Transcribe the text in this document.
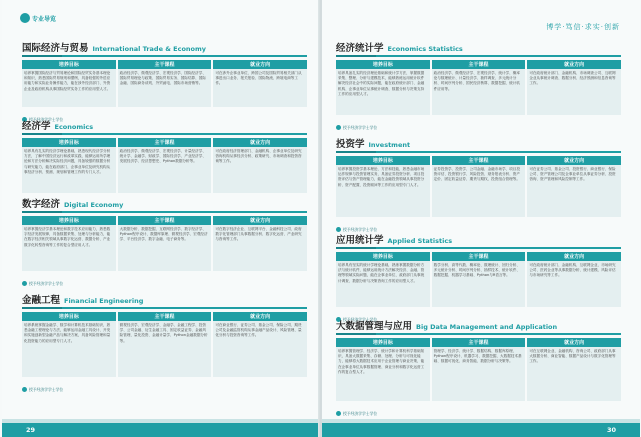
专业导览
国际经济与贸易 International Trade & Economy
培养目标
培养掌握国际经济与贸易理论和国际经贸实务基本理论和知识，熟悉国际贸易规则和惯例，具备较强的外语应用能力和实际业务操作能力，能在涉外经济部门、外资企业及政府机构从事国际经贸实务工作的应用型人才。
主干课程
政治经济学、微观经济学、宏观经济学、国际经济学、国际贸易理论与政策、国际贸易实务、国际结算、国际金融、国际商务谈判、外贸函电、国际市场营销等。
就业方向
可在涉外企事业单位、跨国公司及国际贸易相关部门从事进出口业务、报关报检、国际物流、跨境电商等工作。
授予经济学学士学位
经济学 Economics
培养目标
培养具有扎实的经济学理论基础，熟悉现代经济学分析方法，了解中国经济运行和改革实践，能够运用所学理论和方法分析解决实际经济问题，具备较强的数据分析与研究能力，能在政府部门、企事业单位及研究机构从事经济分析、预测、规划和管理工作的专门人才。
主干课程
政治经济学、微观经济学、宏观经济学、计量经济学、统计学、金融学、财政学、国际经济学、产业经济学、发展经济学、经济思想史、Python数据分析等。
就业方向
可在政府经济管理部门、金融机构、企事业单位及研究咨询机构从事经济分析、政策研究、市场调查和投资咨询等工作。
数字经济 Digital Economy
培养目标
培养掌握经济学基本理论和数字技术应用能力，熟悉数字经济发展规律，具备数据采集、处理与分析能力，能在数字经济相关领域从事数字化运营、数据分析、产业数字化转型咨询等工作的复合型应用人才。
主干课程
大数据分析、数据挖掘、互联网经济学、数字经济学、Python程序设计、数据库原理、微观经济学、宏观经济学、平台经济学、数字金融、电子商务等。
就业方向
可在数字经济企业、互联网平台、金融科技公司、政府数字化管理部门从事数据分析、数字化运营、产业研究与咨询等工作。
授予经济学学士学位
金融工程 Financial Engineering
培养目标
培养系统掌握金融学、数学和计算机技术基础知识，熟悉金融工程理论与方法，能够运用金融工具设计、开发和实施创新型金融产品与解决方案，具备风险管理和量化投资能力的应用型专门人才。
主干课程
微观经济学、宏观经济学、金融学、金融工程学、投资学、公司金融、衍生金融工具、固定收益证券、金融风险管理、量化投资、金融计量学、Python金融数据分析等。
就业方向
可在商业银行、证券公司、基金公司、保险公司、期货公司及金融监管机构从事金融产品设计、风险管理、量化分析与投资咨询等工作。
授予经济学学士学位
29
博学·笃信·求实·创新
经济统计学 Economics Statistics
培养目标
培养具备扎实的经济理论基础和统计学方法，掌握数据采集、整理、分析与建模技术，能够熟练运用统计软件解决经济社会中的实际问题，能在政府统计部门、金融机构、企事业单位从事统计调查、数据分析与决策支持工作的应用型人才。
主干课程
政治经济学、微观经济学、宏观经济学、统计学、概率论与数理统计、计量经济学、抽样调查、多元统计分析、时间序列分析、国民经济核算、数据挖掘、统计软件应用等。
就业方向
可在政府统计部门、金融机构、市场调查公司、互联网企业从事统计调查、数据分析、经济预测和信息咨询等工作。
授予经济学学士学位
投资学 Investment
培养目标
培养掌握投资学基本理论、方法和技能，熟悉金融市场运作规律与投资管理实务，具备证券投资分析、项目投资评估与资产管理能力，能在金融投资领域从事投资分析、资产配置、投资顾问等工作的应用型专门人才。
主干课程
证券投资学、投资学、公司金融、金融市场学、项目投资评估、投资银行学、风险投资、财务报表分析、资产定价、固定收益证券、期货与期权、投资组合管理等。
就业方向
可在证券公司、基金公司、投资银行、商业银行、保险公司、资产管理公司及企事业单位从事证券分析、投资咨询、资产管理和风险控制等工作。
授予经济学学士学位
应用统计学 Applied Statistics
培养目标
培养具有坚实的统计学理论基础，熟练掌握数据分析方法与统计软件，能够运用统计方法解决经济、金融、管理等领域实际问题，能在企事业单位、政府部门从事统计调查、数据分析与决策咨询工作的应用型人才。
主干课程
数学分析、高等代数、概率论、数理统计、回归分析、多元统计分析、时间序列分析、抽样技术、统计软件、数据挖掘、机器学习基础、Python与R语言等。
就业方向
可在政府统计部门、金融机构、互联网企业、市场研究公司、医药企业等从事数据分析、统计建模、风险评估与市场研究等工作。
授予经济学学士学位
大数据管理与应用 Big Data Management and Application
培养目标
培养掌握管理学、经济学、统计学和计算机科学基础知识，具备大数据采集、存储、处理、分析与可视化能力，能够将大数据技术应用于企业管理与商业决策，能在企事业单位从事数据管理、商业分析和数字化运营工作的复合型人才。
主干课程
管理学、经济学、统计学、数据结构、数据库原理、Python程序设计、机器学习、数据挖掘、大数据技术基础、数据可视化、商务智能、数据分析与决策等。
就业方向
可在互联网企业、金融机构、咨询公司、政府部门从事大数据分析、商业智能、数据产品设计与数字化管理等工作。
授予经济学学士学位
30
